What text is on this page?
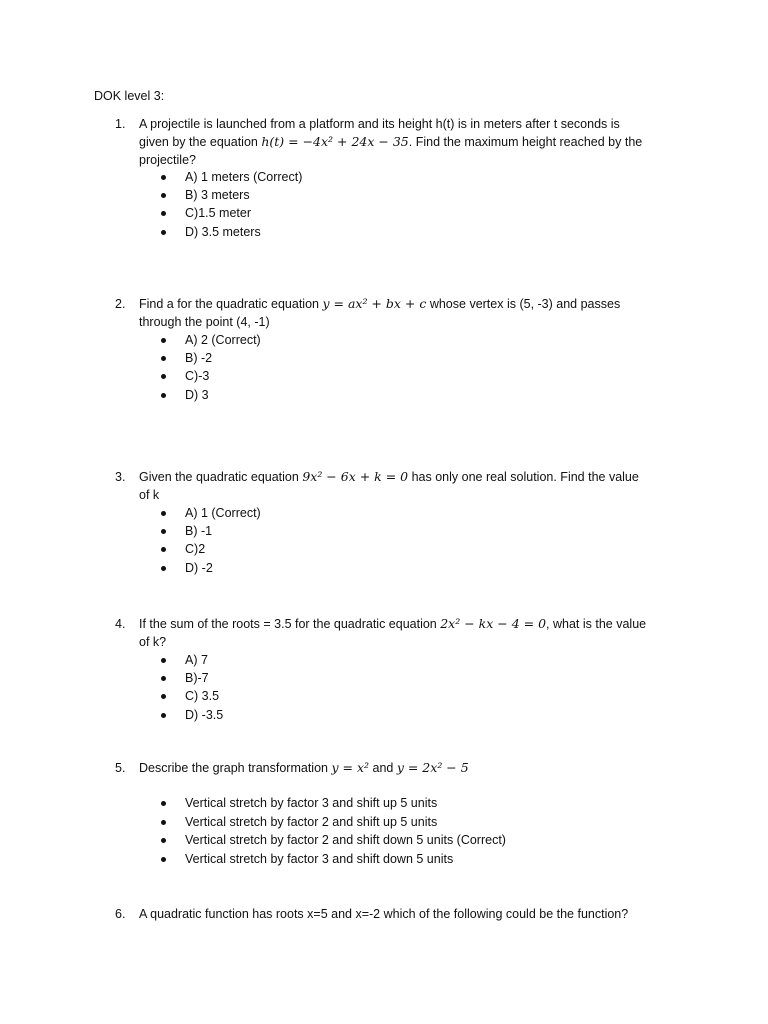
DOK level 3:
1. A projectile is launched from a platform and its height h(t) is in meters after t seconds is
given by the equation h(t) = −4x² + 24x − 35. Find the maximum height reached by the
projectile?
A) 1 meters (Correct)
B) 3 meters
C)1.5 meter
D) 3.5 meters
2. Find a for the quadratic equation y = ax² + bx + c whose vertex is (5, -3) and passes
through the point (4, -1)
A) 2 (Correct)
B) -2
C)-3
D) 3
3. Given the quadratic equation 9x² − 6x + k = 0 has only one real solution. Find the value
of k
A) 1 (Correct)
B) -1
C)2
D) -2
4. If the sum of the roots = 3.5 for the quadratic equation 2x² − kx − 4 = 0, what is the value
of k?
A) 7
B)-7
C) 3.5
D) -3.5
5. Describe the graph transformation y = x² and y = 2x² − 5
Vertical stretch by factor 3 and shift up 5 units
Vertical stretch by factor 2 and shift up 5 units
Vertical stretch by factor 2 and shift down 5 units (Correct)
Vertical stretch by factor 3 and shift down 5 units
6. A quadratic function has roots x=5 and x=-2 which of the following could be the function?
